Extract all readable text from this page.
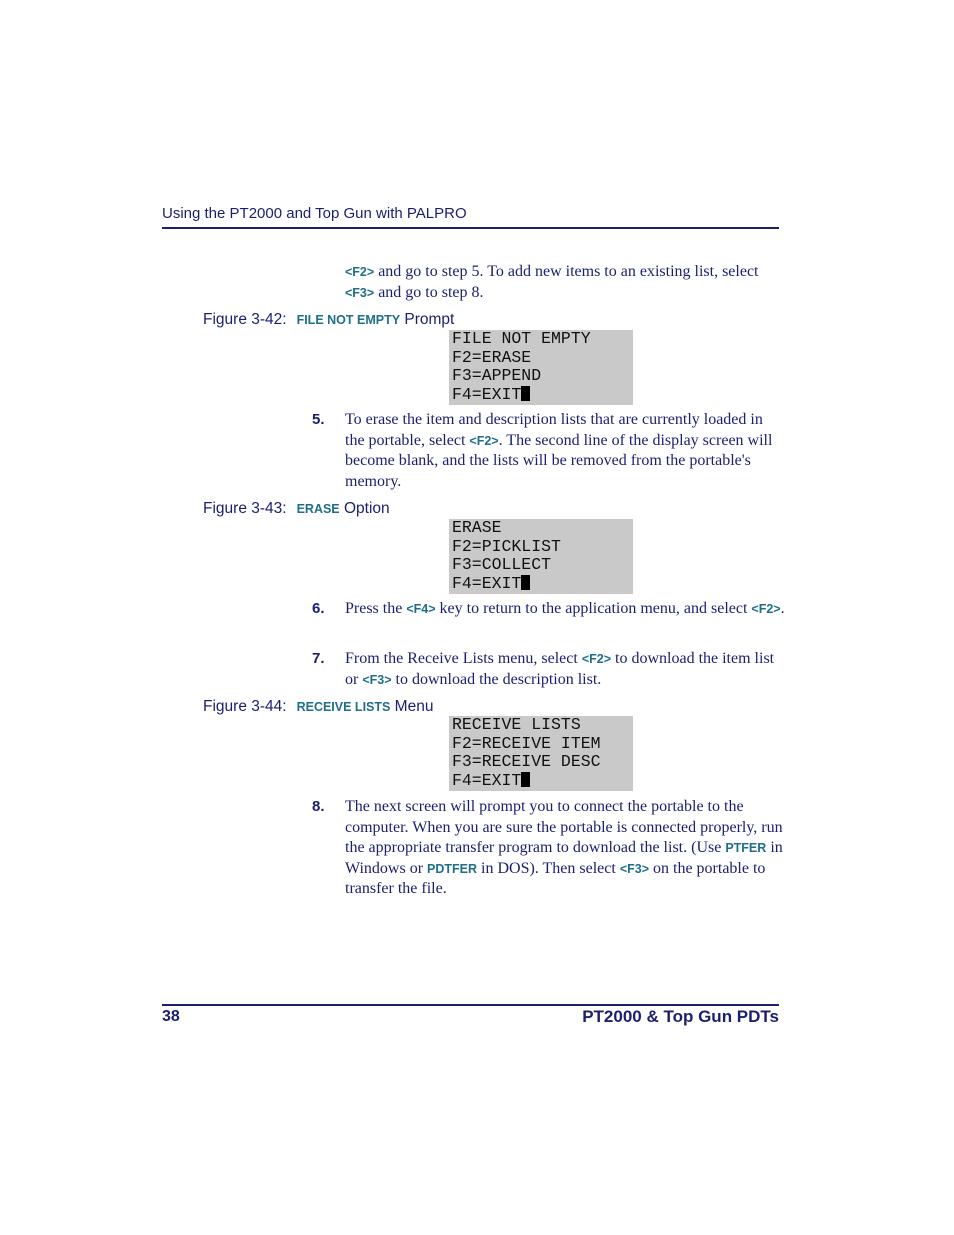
Using the PT2000 and Top Gun with PALPRO
<F2> and go to step 5. To add new items to an existing list, select <F3> and go to step 8.
Figure 3-42: FILE NOT EMPTY Prompt
FILE NOT EMPTY
F2=ERASE
F3=APPEND
F4=EXIT
5. To erase the item and description lists that are currently loaded in the portable, select <F2>. The second line of the display screen will become blank, and the lists will be removed from the portable's memory.
Figure 3-43: ERASE Option
ERASE
F2=PICKLIST
F3=COLLECT
F4=EXIT
6. Press the <F4> key to return to the application menu, and select <F2>.
7. From the Receive Lists menu, select <F2> to download the item list or <F3> to download the description list.
Figure 3-44: RECEIVE LISTS Menu
RECEIVE LISTS
F2=RECEIVE ITEM
F3=RECEIVE DESC
F4=EXIT
8. The next screen will prompt you to connect the portable to the computer. When you are sure the portable is connected properly, run the appropriate transfer program to download the list. (Use PTFER in Windows or PDTFER in DOS). Then select <F3> on the portable to transfer the file.
38	PT2000 & Top Gun PDTs
